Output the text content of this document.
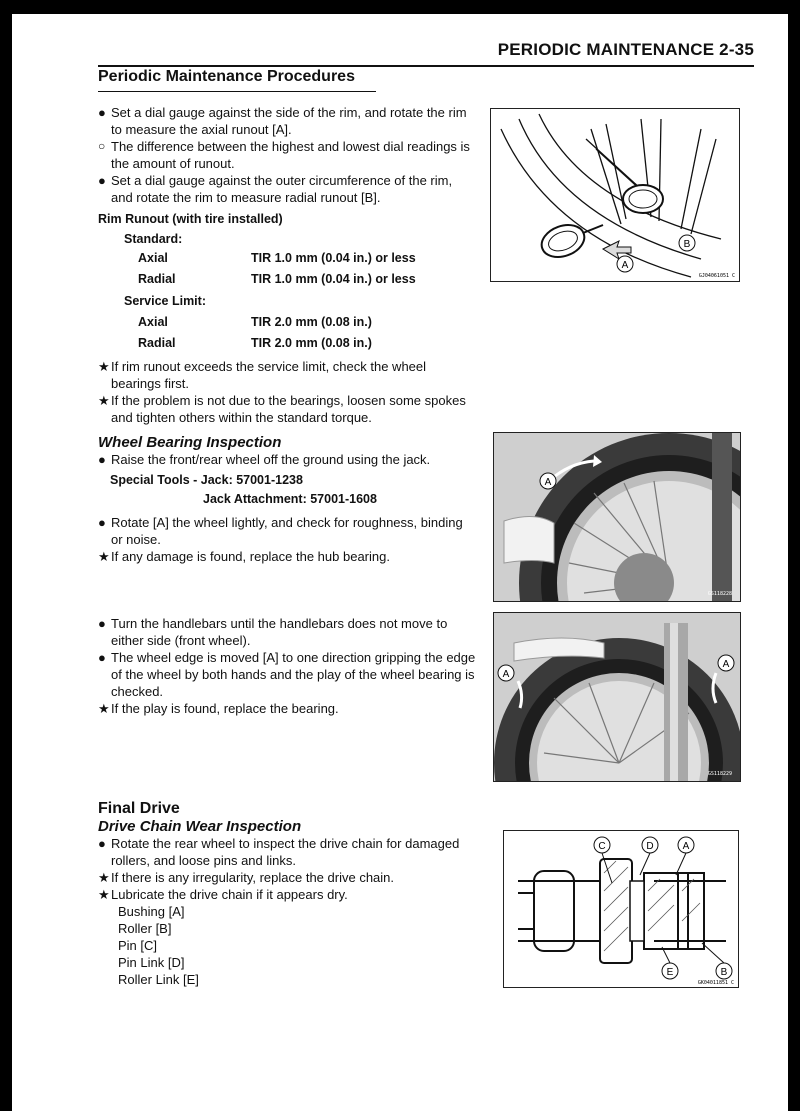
PERIODIC MAINTENANCE 2-35
Periodic Maintenance Procedures

● Set a dial gauge against the side of the rim, and rotate the rim to measure the axial runout [A].

○ The difference between the highest and lowest dial readings is the amount of runout.

● Set a dial gauge against the outer circumference of the rim, and rotate the rim to measure radial runout [B].

Rim Runout (with tire installed)
Standard:
Axial	TIR 1.0 mm (0.04 in.) or less
Radial	TIR 1.0 mm (0.04 in.) or less
Service Limit:
Axial	TIR 2.0 mm (0.08 in.)
Radial	TIR 2.0 mm (0.08 in.)

★ If rim runout exceeds the service limit, check the wheel bearings first.

★ If the problem is not due to the bearings, loosen some spokes and tighten others within the standard torque.

Wheel Bearing Inspection

● Raise the front/rear wheel off the ground using the jack.

Special Tools - Jack: 57001-1238
Jack Attachment: 57001-1608

● Rotate [A] the wheel lightly, and check for roughness, binding or noise.

★ If any damage is found, replace the hub bearing.

● Turn the handlebars until the handlebars does not move to either side (front wheel).

● The wheel edge is moved [A] to one direction gripping the edge of the wheel by both hands and the play of the wheel bearing is checked.

★ If the play is found, replace the bearing.

Final Drive
Drive Chain Wear Inspection

● Rotate the rear wheel to inspect the drive chain for damaged rollers, and loose pins and links.

★ If there is any irregularity, replace the drive chain.

★ Lubricate the drive chain if it appears dry.

Bushing [A]
Roller [B]
Pin [C]
Pin Link [D]
Roller Link [E]
A
B
GJ04061051 C
A
GS118228
A
A
GS118229
C	D	A
E	B
GK04011851 C
